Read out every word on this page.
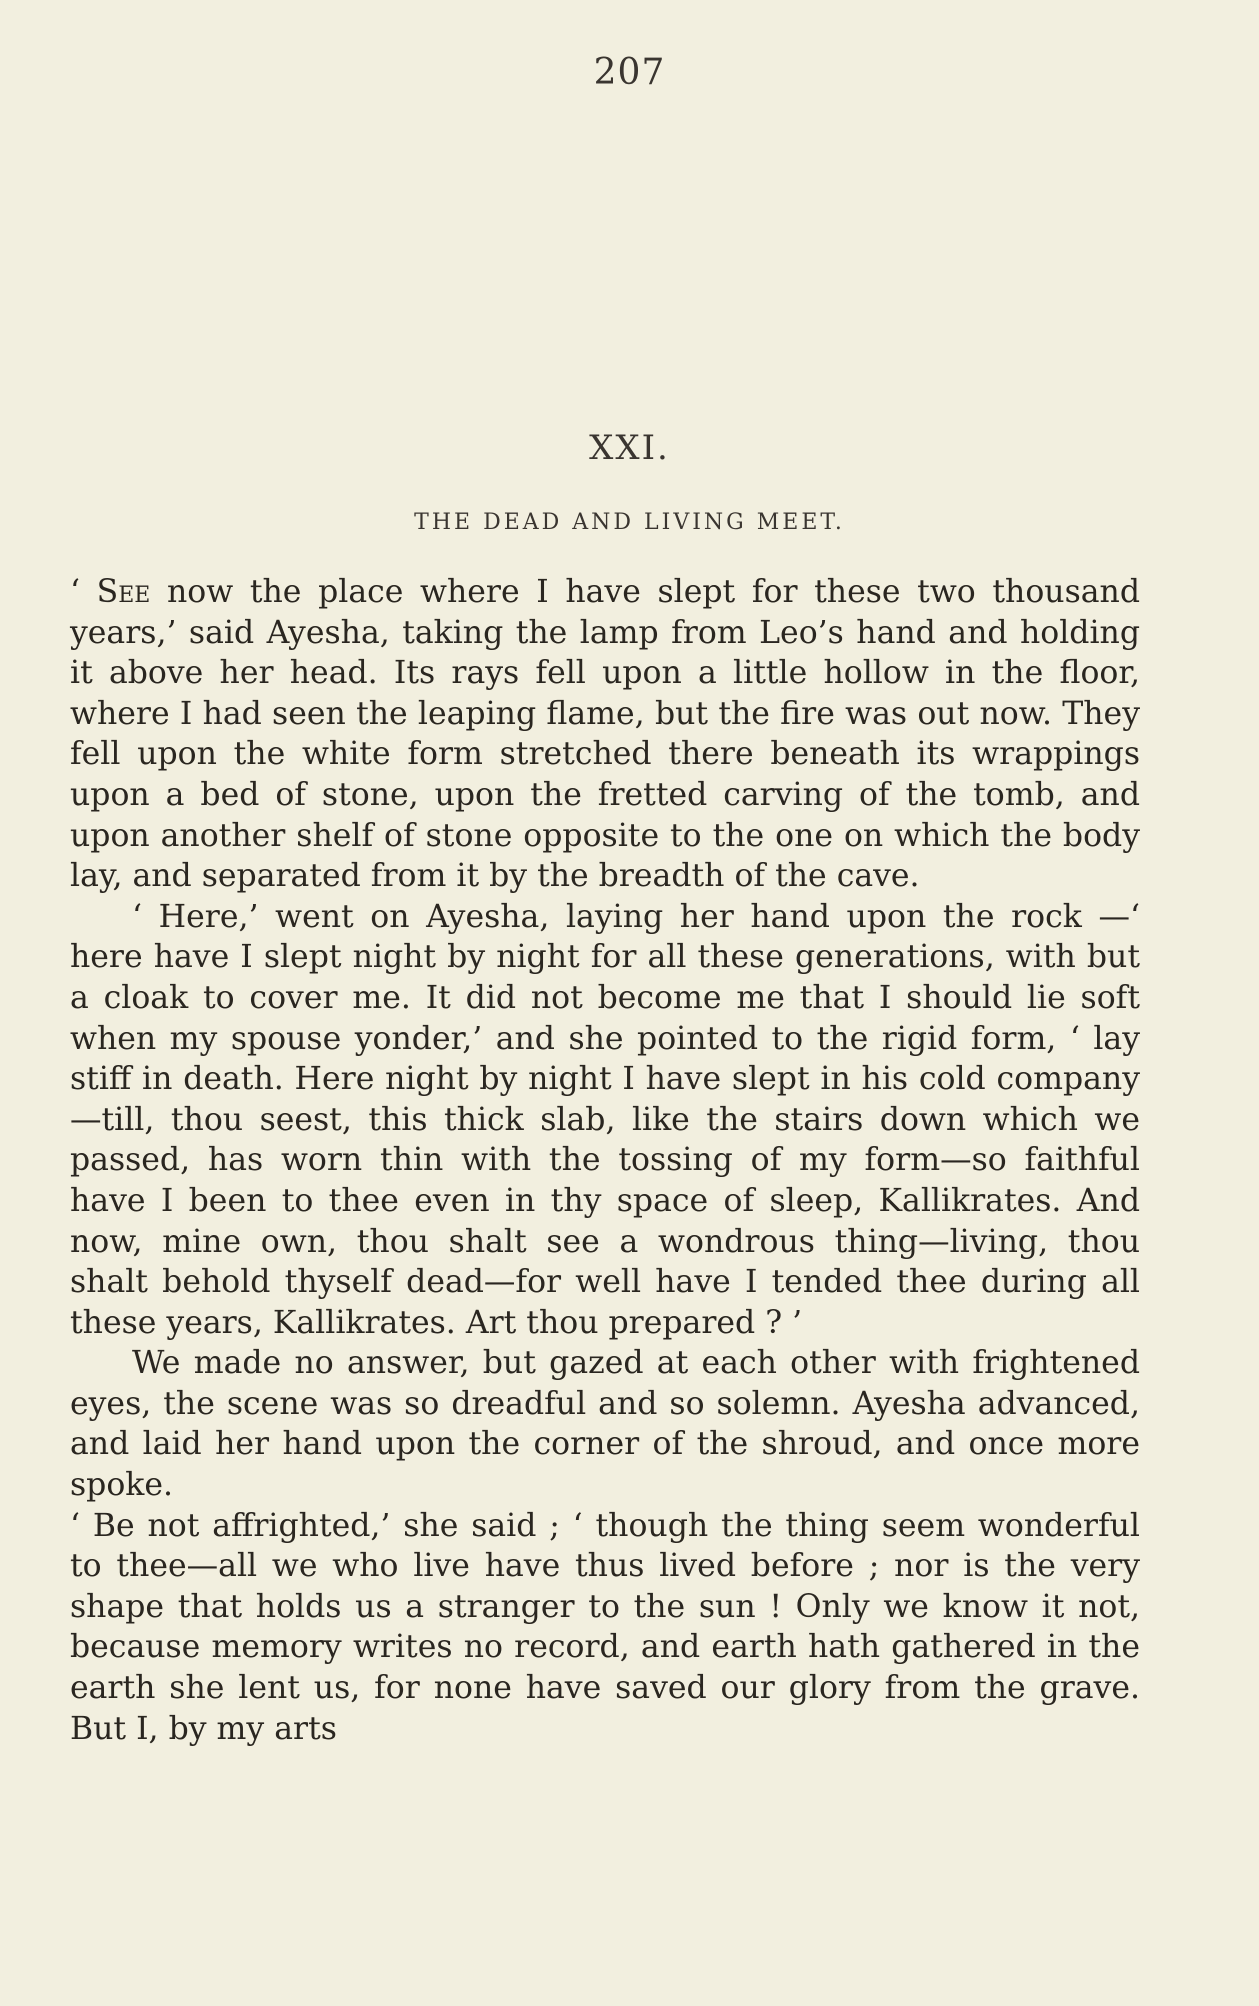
207
XXI.
THE DEAD AND LIVING MEET.

‘ See now the place where I have slept for these two thousand years,’ said Ayesha, taking the lamp from Leo’s hand and holding it above her head. Its rays fell upon a little hollow in the floor, where I had seen the leaping flame, but the fire was out now. They fell upon the white form stretched there beneath its wrappings upon a bed of stone, upon the fretted carving of the tomb, and upon another shelf of stone opposite to the one on which the body lay, and separated from it by the breadth of the cave.

‘ Here,’ went on Ayesha, laying her hand upon the rock —‘ here have I slept night by night for all these generations, with but a cloak to cover me. It did not become me that I should lie soft when my spouse yonder,’ and she pointed to the rigid form, ‘ lay stiff in death. Here night by night I have slept in his cold company—till, thou seest, this thick slab, like the stairs down which we passed, has worn thin with the tossing of my form—so faithful have I been to thee even in thy space of sleep, Kallikrates. And now, mine own, thou shalt see a wondrous thing—living, thou shalt behold thyself dead—for well have I tended thee during all these years, Kallikrates. Art thou prepared ? ’

We made no answer, but gazed at each other with frightened eyes, the scene was so dreadful and so solemn. Ayesha advanced, and laid her hand upon the corner of the shroud, and once more spoke.

‘ Be not affrighted,’ she said ; ‘ though the thing seem wonderful to thee—all we who live have thus lived before ; nor is the very shape that holds us a stranger to the sun ! Only we know it not, because memory writes no record, and earth hath gathered in the earth she lent us, for none have saved our glory from the grave. But I, by my arts
